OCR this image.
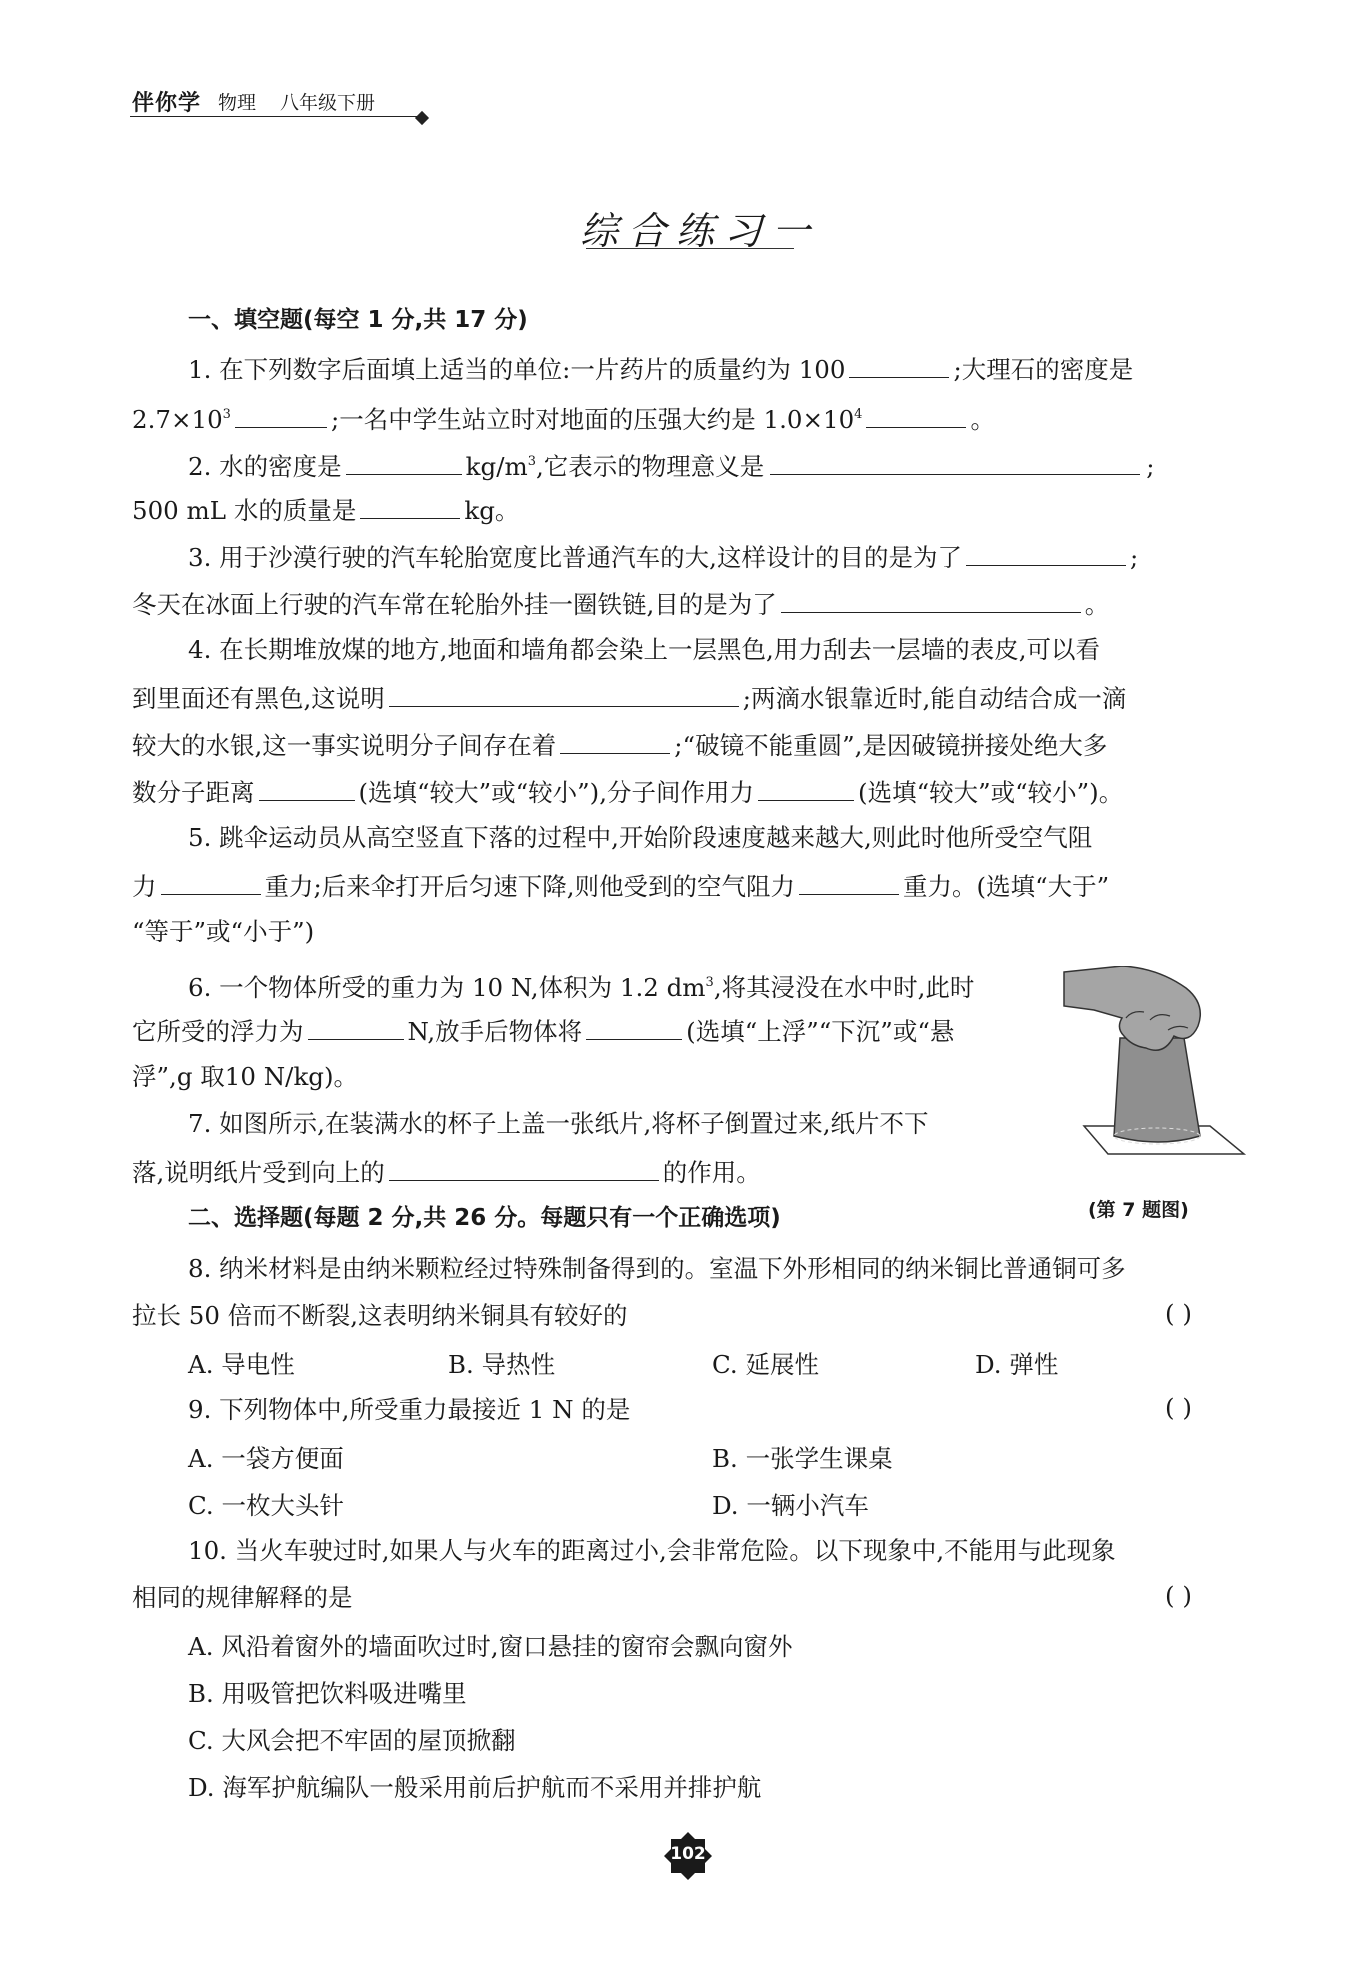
伴你学 物理 八年级下册
综合练习一
一、填空题(每空 1 分,共 17 分)
1. 在下列数字后面填上适当的单位:一片药片的质量约为 100	;大理石的密度是
$2.7\times 10^3$	;一名中学生站立时对地面的压强大约是 $1.0\times 10^4$	。
2. 水的密度是	$kg/m^3$,它表示的物理意义是	;
500 mL 水的质量是	kg。
3. 用于沙漠行驶的汽车轮胎宽度比普通汽车的大,这样设计的目的是为了	;
冬天在冰面上行驶的汽车常在轮胎外挂一圈铁链,目的是为了	。
4. 在长期堆放煤的地方,地面和墙角都会染上一层黑色,用力刮去一层墙的表皮,可以看
到里面还有黑色,这说明	;两滴水银靠近时,能自动结合成一滴
较大的水银,这一事实说明分子间存在着	;“破镜不能重圆”,是因破镜拼接处绝大多
数分子距离	(选填“较大”或“较小”),分子间作用力	(选填“较大”或“较小”)。
5. 跳伞运动员从高空竖直下落的过程中,开始阶段速度越来越大,则此时他所受空气阻
力	重力;后来伞打开后匀速下降,则他受到的空气阻力	重力。(选填“大于”
“等于”或“小于”)
6. 一个物体所受的重力为 10 N,体积为 1.2 $dm^3$,将其浸没在水中时,此时
它所受的浮力为	N,放手后物体将	(选填“上浮”“下沉”或“悬
浮”,g 取10 N/kg)。
7. 如图所示,在装满水的杯子上盖一张纸片,将杯子倒置过来,纸片不下
落,说明纸片受到向上的	的作用。
(第 7 题图)
二、选择题(每题 2 分,共 26 分。每题只有一个正确选项)
8. 纳米材料是由纳米颗粒经过特殊制备得到的。室温下外形相同的纳米铜比普通铜可多
拉长 50 倍而不断裂,这表明纳米铜具有较好的	( )
A. 导电性	B. 导热性	C. 延展性	D. 弹性
9. 下列物体中,所受重力最接近 1 N 的是	( )
A. 一袋方便面	B. 一张学生课桌
C. 一枚大头针	D. 一辆小汽车
10. 当火车驶过时,如果人与火车的距离过小,会非常危险。以下现象中,不能用与此现象
相同的规律解释的是	( )
A. 风沿着窗外的墙面吹过时,窗口悬挂的窗帘会飘向窗外
B. 用吸管把饮料吸进嘴里
C. 大风会把不牢固的屋顶掀翻
D. 海军护航编队一般采用前后护航而不采用并排护航
102
